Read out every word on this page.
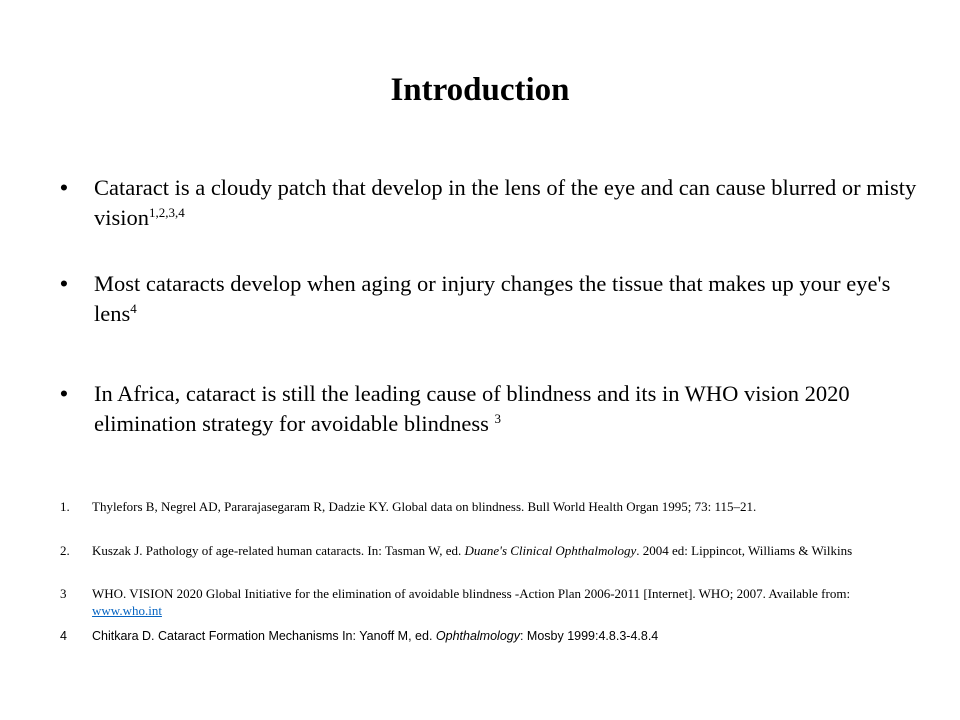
Introduction
•	Cataract is a cloudy patch that develop in the lens of the eye and can cause blurred or misty vision$^{1,2,3,4}$
•	Most cataracts develop when aging or injury changes the tissue that makes up your eye's lens$^4$
•	In Africa, cataract is still the leading cause of blindness and its in WHO vision 2020 elimination strategy for avoidable blindness $^3$
1.	Thylefors B, Negrel AD, Pararajasegaram R, Dadzie KY. Global data on blindness. Bull World Health Organ 1995; 73: 115–21.
2.	Kuszak J. Pathology of age-related human cataracts. In: Tasman W, ed. Duane's Clinical Ophthalmology. 2004 ed: Lippincot, Williams & Wilkins
3	WHO. VISION 2020 Global Initiative for the elimination of avoidable blindness -Action Plan 2006-2011 [Internet]. WHO; 2007. Available from: www.who.int
4	Chitkara D. Cataract Formation Mechanisms In: Yanoff M, ed. Ophthalmology: Mosby 1999:4.8.3-4.8.4
